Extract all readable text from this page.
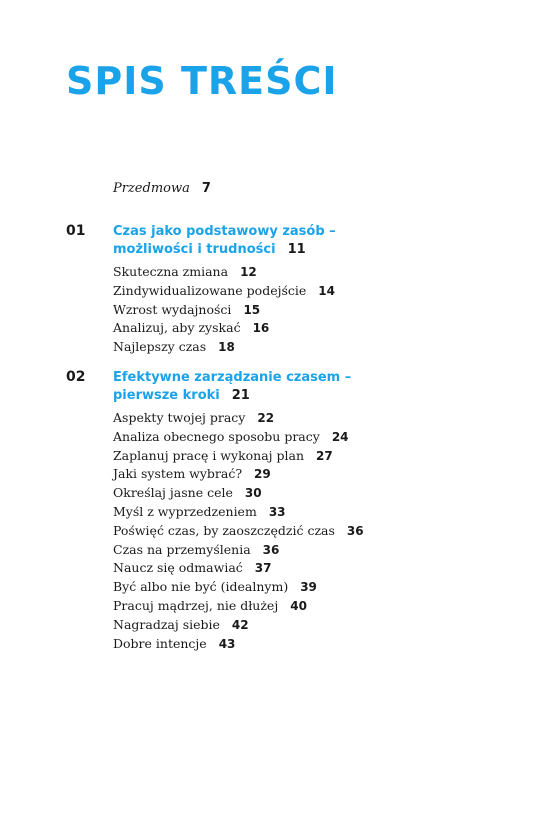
SPIS TREŚCI
Przedmowa 7
01 Czas jako podstawowy zasób – możliwości i trudności 11
Skuteczna zmiana 12
Zindywidualizowane podejście 14
Wzrost wydajności 15
Analizuj, aby zyskać 16
Najlepszy czas 18
02 Efektywne zarządzanie czasem – pierwsze kroki 21
Aspekty twojej pracy 22
Analiza obecnego sposobu pracy 24
Zaplanuj pracę i wykonaj plan 27
Jaki system wybrać? 29
Określaj jasne cele 30
Myśl z wyprzedzeniem 33
Poświęć czas, by zaoszczędzić czas 36
Czas na przemyślenia 36
Naucz się odmawiać 37
Być albo nie być (idealnym) 39
Pracuj mądrzej, nie dłużej 40
Nagradzaj siebie 42
Dobre intencje 43
